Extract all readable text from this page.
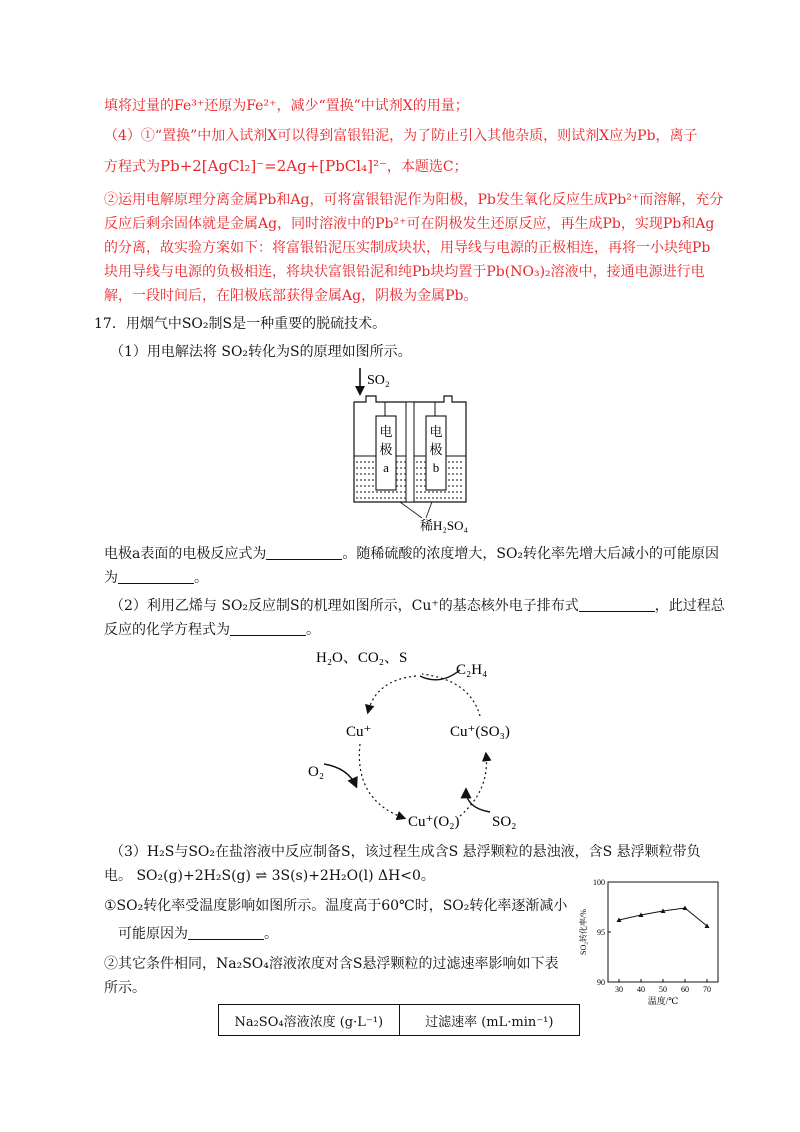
填将过量的Fe³⁺还原为Fe²⁺，减少“置换”中试剂X的用量；
（4）①“置换”中加入试剂X可以得到富银铅泥，为了防止引入其他杂质，则试剂X应为Pb，离子
方程式为Pb+2[AgCl₂]⁻=2Ag+[PbCl₄]²⁻，本题选C；
②运用电解原理分离金属Pb和Ag，可将富银铅泥作为阳极，Pb发生氧化反应生成Pb²⁺而溶解，充分
反应后剩余固体就是金属Ag，同时溶液中的Pb²⁺可在阴极发生还原反应，再生成Pb，实现Pb和Ag
的分离，故实验方案如下：将富银铅泥压实制成块状，用导线与电源的正极相连，再将一小块纯Pb
块用导线与电源的负极相连，将块状富银铅泥和纯Pb块均置于Pb(NO₃)₂溶液中，接通电源进行电
解，一段时间后，在阳极底部获得金属Ag，阴极为金属Pb。
17．用烟气中SO₂制S是一种重要的脱硫技术。
（1）用电解法将 SO₂转化为S的原理如图所示。
SO₂
电
极
a
电
极
b
稀H₂SO₄
电极a表面的电极反应式为	。随稀硫酸的浓度增大，SO₂转化率先增大后减小的可能原因
为	。
（2）利用乙烯与 SO₂反应制S的机理如图所示，Cu⁺的基态核外电子排布式	，此过程总
反应的化学方程式为	。
H₂O、CO₂、S
C₂H₄
Cu⁺	Cu⁺(SO₃)
O₂
Cu⁺(O₂) SO₂
（3）H₂S与SO₂在盐溶液中反应制备S，该过程生成含S 悬浮颗粒的悬浊液，含S 悬浮颗粒带负
电。 SO₂(g)+2H₂S(g) ⇌ 3S(s)+2H₂O(l) ΔH<0。
①SO₂转化率受温度影响如图所示。温度高于60℃时，SO₂转化率逐渐减小
可能原因为	。
②其它条件相同，Na₂SO₄溶液浓度对含S悬浮颗粒的过滤速率影响如下表
所示。	90
95
100
30 40 50 60 70
温度/℃
SO₂转化率/%
Na₂SO₄溶液浓度 (g·L⁻¹)	过滤速率 (mL·min⁻¹)
